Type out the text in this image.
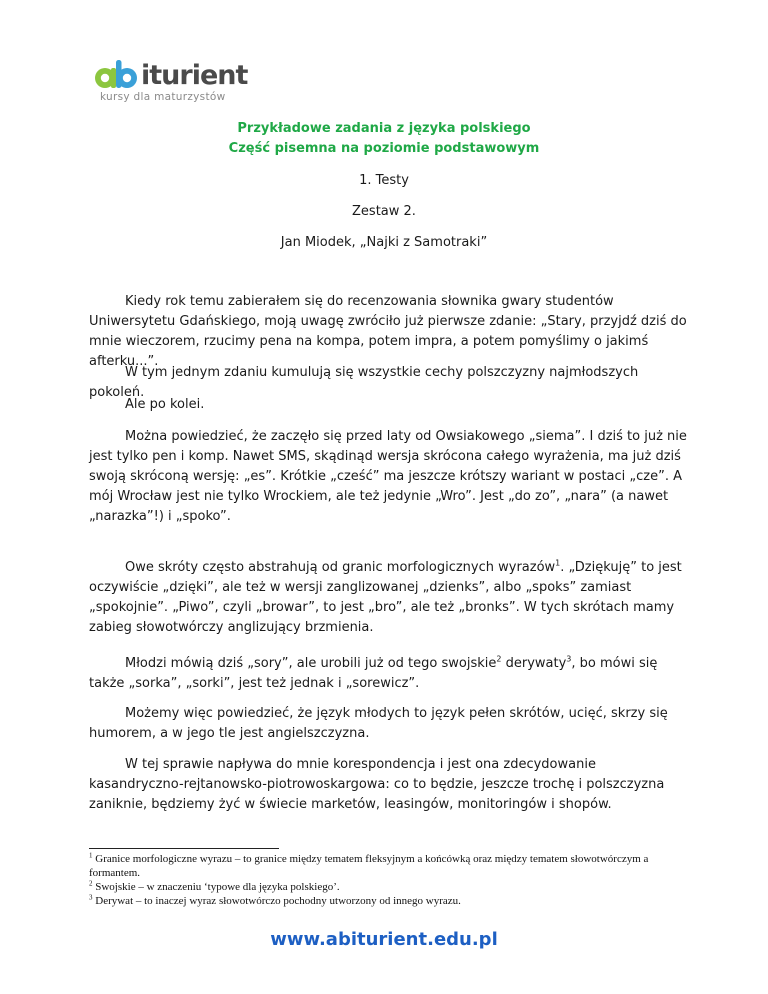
iturient
kursy dla maturzystów
Przykładowe zadania z języka polskiego
Część pisemna na poziomie podstawowym
1. Testy
Zestaw 2.
Jan Miodek, „Najki z Samotraki”

Kiedy rok temu zabierałem się do recenzowania słownika gwary studentów Uniwersytetu Gdańskiego, moją uwagę zwróciło już pierwsze zdanie: „Stary, przyjdź dziś do mnie wieczorem, rzucimy pena na kompa, potem impra, a potem pomyślimy o jakimś afterku...”.

W tym jednym zdaniu kumulują się wszystkie cechy polszczyzny najmłodszych pokoleń.

Ale po kolei.

Można powiedzieć, że zaczęło się przed laty od Owsiakowego „siema”. I dziś to już nie jest tylko pen i komp. Nawet SMS, skądinąd wersja skrócona całego wyrażenia, ma już dziś swoją skróconą wersję: „es”. Krótkie „cześć” ma jeszcze krótszy wariant w postaci „cze”. A mój Wrocław jest nie tylko Wrockiem, ale też jedynie „Wro”. Jest „do zo”, „nara” (a nawet „narazka”!) i „spoko”.

Owe skróty często abstrahują od granic morfologicznych wyrazów$^1$. „Dziękuję” to jest oczywiście „dzięki”, ale też w wersji zanglizowanej „dzienks”, albo „spoks” zamiast „spokojnie”. „Piwo”, czyli „browar”, to jest „bro”, ale też „bronks”. W tych skrótach mamy zabieg słowotwórczy anglizujący brzmienia.

Młodzi mówią dziś „sory”, ale urobili już od tego swojskie$^2$ derywaty$^3$, bo mówi się także „sorka”, „sorki”, jest też jednak i „sorewicz”.

Możemy więc powiedzieć, że język młodych to język pełen skrótów, ucięć, skrzy się humorem, a w jego tle jest angielszczyzna.

W tej sprawie napływa do mnie korespondencja i jest ona zdecydowanie kasandryczno-rejtanowsko-piotrowoskargowa: co to będzie, jeszcze trochę i polszczyzna zaniknie, będziemy żyć w świecie marketów, leasingów, monitoringów i shopów.

$^1$ Granice morfologiczne wyrazu – to granice między tematem fleksyjnym a końcówką oraz między tematem słowotwórczym a formantem.

$^2$ Swojskie – w znaczeniu ‘typowe dla języka polskiego’.

$^3$ Derywat – to inaczej wyraz słowotwórczo pochodny utworzony od innego wyrazu.

www.abiturient.edu.pl
